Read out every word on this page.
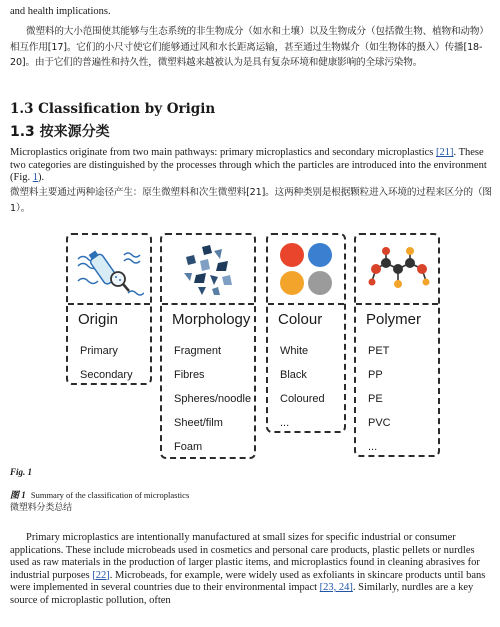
and health implications.

微塑料的大小范围使其能够与生态系统的非生物成分（如水和土壤）以及生物成分（包括微生物、植物和动物）相互作用[17]。它们的小尺寸使它们能够通过风和水长距离运输，甚至通过生物媒介（如生物体的摄入）传播[18-20]。由于它们的普遍性和持久性，微塑料越来越被认为是具有复杂环境和健康影响的全球污染物。

1.3 Classification by Origin
1.3 按来源分类

Microplastics originate from two main pathways: primary microplastics and secondary microplastics [21]. These two categories are distinguished by the processes through which the particles are introduced into the environment (Fig. 1).

微塑料主要通过两种途径产生：原生微塑料和次生微塑料[21]。这两种类别是根据颗粒进入环境的过程来区分的（图 1）。

Origin
Primary
Secondary
Morphology
Fragment
Fibres
Spheres/noodle
Sheet/film
Foam
Colour
White
Black
Coloured
...
Polymer
PET
PP
PE
PVC
...
Fig. 1
图 1 Summary of the classification of microplastics
微塑料分类总结

Primary microplastics are intentionally manufactured at small sizes for specific industrial or consumer applications. These include microbeads used in cosmetics and personal care products, plastic pellets or nurdles used as raw materials in the production of larger plastic items, and microplastics found in cleaning abrasives for industrial purposes [22]. Microbeads, for example, were widely used as exfoliants in skincare products until bans were implemented in several countries due to their environmental impact [23, 24]. Similarly, nurdles are a key source of microplastic pollution, often
